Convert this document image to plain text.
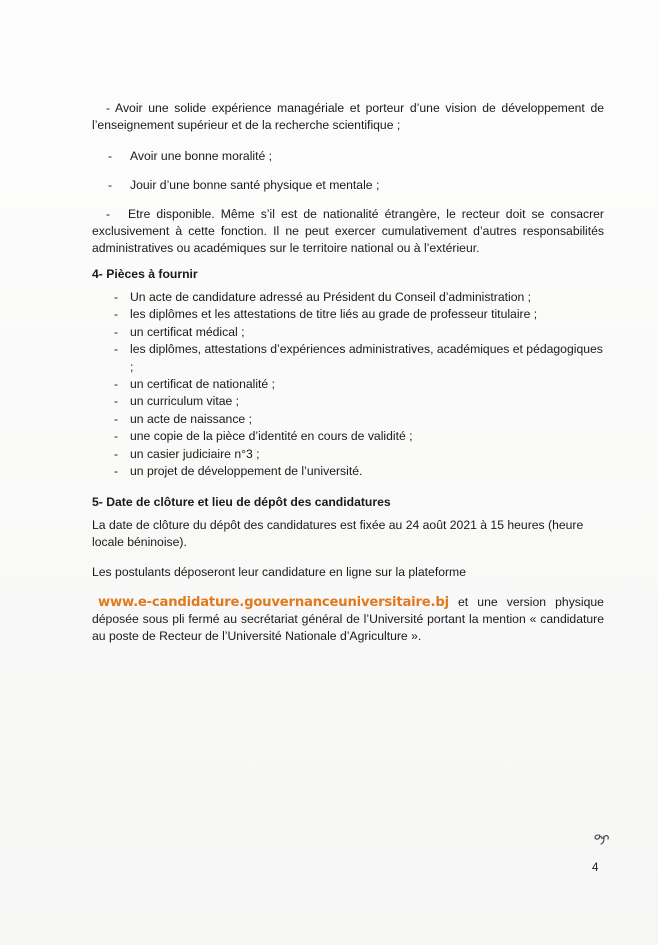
- Avoir une solide expérience managériale et porteur d’une vision de développement de l’enseignement supérieur et de la recherche scientifique ;

-	Avoir une bonne moralité ;
-	Jouir d’une bonne santé physique et mentale ;
- Etre disponible. Même s’il est de nationalité étrangère, le recteur doit se consacrer exclusivement à cette fonction. Il ne peut exercer cumulativement d’autres responsabilités administratives ou académiques sur le territoire national ou à l’extérieur.
4- Pièces à fournir
- Un acte de candidature adressé au Président du Conseil d’administration ;
- les diplômes et les attestations de titre liés au grade de professeur titulaire ;
- un certificat médical ;
- les diplômes, attestations d’expériences administratives, académiques et pédagogiques ;
- un certificat de nationalité ;
- un curriculum vitae ;
- un acte de naissance ;
- une copie de la pièce d’identité en cours de validité ;
- un casier judiciaire n°3 ;
- un projet de développement de l’université.
5- Date de clôture et lieu de dépôt des candidatures

La date de clôture du dépôt des candidatures est fixée au 24 août 2021 à 15 heures (heure locale béninoise).

Les postulants déposeront leur candidature en ligne sur la plateforme

www.e-candidature.gouvernanceuniversitaire.bj et une version physique

déposée sous pli fermé au secrétariat général de l’Université portant la mention « candidature au poste de Recteur de l’Université Nationale d’Agriculture ».

4
